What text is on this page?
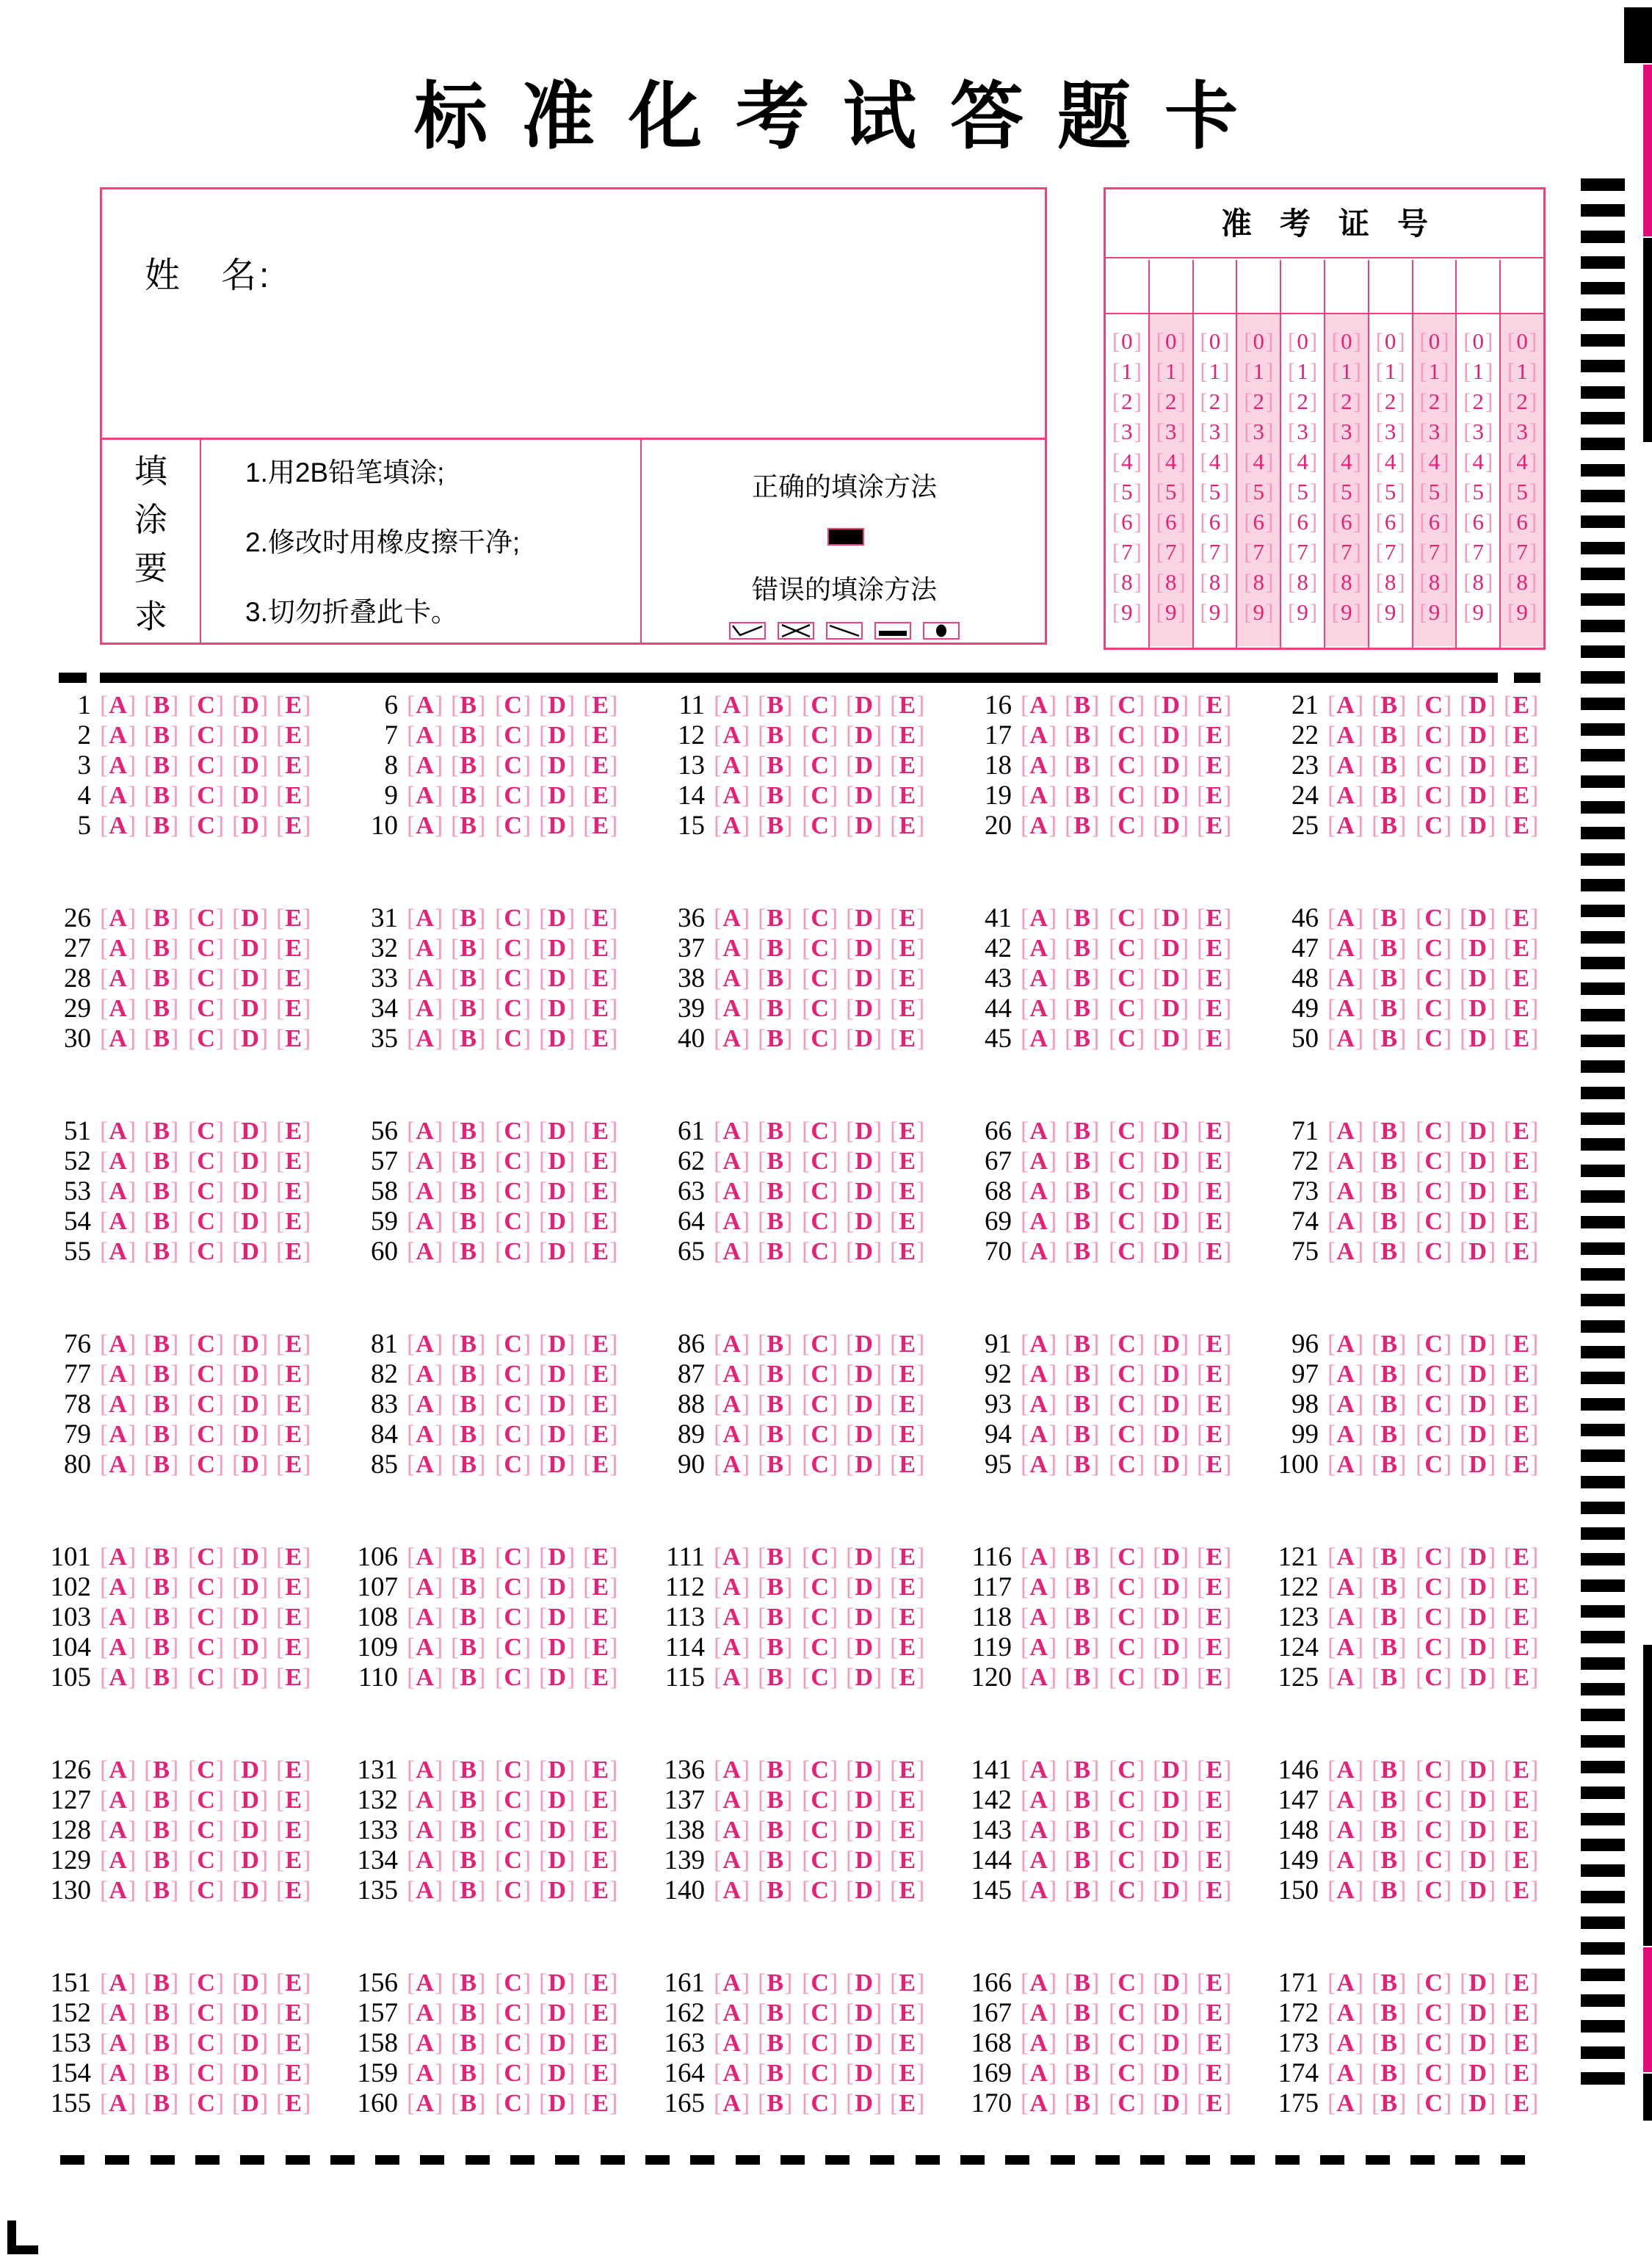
标准化考试答题卡
姓　名:
填涂要求
1.用2B铅笔填涂;
2.修改时用橡皮擦干净;
3.切勿折叠此卡。
正确的填涂方法
错误的填涂方法
准考证号
[0]
[1]
[2]
[3]
[4]
[5]
[6]
[7]
[8]
[9]
[0]
[1]
[2]
[3]
[4]
[5]
[6]
[7]
[8]
[9]
[0]
[1]
[2]
[3]
[4]
[5]
[6]
[7]
[8]
[9]
[0]
[1]
[2]
[3]
[4]
[5]
[6]
[7]
[8]
[9]
[0]
[1]
[2]
[3]
[4]
[5]
[6]
[7]
[8]
[9]
[0]
[1]
[2]
[3]
[4]
[5]
[6]
[7]
[8]
[9]
[0]
[1]
[2]
[3]
[4]
[5]
[6]
[7]
[8]
[9]
[0]
[1]
[2]
[3]
[4]
[5]
[6]
[7]
[8]
[9]
[0]
[1]
[2]
[3]
[4]
[5]
[6]
[7]
[8]
[9]
[0]
[1]
[2]
[3]
[4]
[5]
[6]
[7]
[8]
[9]
1 [A] [B] [C] [D] [E]
2 [A] [B] [C] [D] [E]
3 [A] [B] [C] [D] [E]
4 [A] [B] [C] [D] [E]
5 [A] [B] [C] [D] [E]
6 [A] [B] [C] [D] [E]
7 [A] [B] [C] [D] [E]
8 [A] [B] [C] [D] [E]
9 [A] [B] [C] [D] [E]
10 [A] [B] [C] [D] [E]
11 [A] [B] [C] [D] [E]
12 [A] [B] [C] [D] [E]
13 [A] [B] [C] [D] [E]
14 [A] [B] [C] [D] [E]
15 [A] [B] [C] [D] [E]
16 [A] [B] [C] [D] [E]
17 [A] [B] [C] [D] [E]
18 [A] [B] [C] [D] [E]
19 [A] [B] [C] [D] [E]
20 [A] [B] [C] [D] [E]
21 [A] [B] [C] [D] [E]
22 [A] [B] [C] [D] [E]
23 [A] [B] [C] [D] [E]
24 [A] [B] [C] [D] [E]
25 [A] [B] [C] [D] [E]
26 [A] [B] [C] [D] [E]
27 [A] [B] [C] [D] [E]
28 [A] [B] [C] [D] [E]
29 [A] [B] [C] [D] [E]
30 [A] [B] [C] [D] [E]
31 [A] [B] [C] [D] [E]
32 [A] [B] [C] [D] [E]
33 [A] [B] [C] [D] [E]
34 [A] [B] [C] [D] [E]
35 [A] [B] [C] [D] [E]
36 [A] [B] [C] [D] [E]
37 [A] [B] [C] [D] [E]
38 [A] [B] [C] [D] [E]
39 [A] [B] [C] [D] [E]
40 [A] [B] [C] [D] [E]
41 [A] [B] [C] [D] [E]
42 [A] [B] [C] [D] [E]
43 [A] [B] [C] [D] [E]
44 [A] [B] [C] [D] [E]
45 [A] [B] [C] [D] [E]
46 [A] [B] [C] [D] [E]
47 [A] [B] [C] [D] [E]
48 [A] [B] [C] [D] [E]
49 [A] [B] [C] [D] [E]
50 [A] [B] [C] [D] [E]
51 [A] [B] [C] [D] [E]
52 [A] [B] [C] [D] [E]
53 [A] [B] [C] [D] [E]
54 [A] [B] [C] [D] [E]
55 [A] [B] [C] [D] [E]
56 [A] [B] [C] [D] [E]
57 [A] [B] [C] [D] [E]
58 [A] [B] [C] [D] [E]
59 [A] [B] [C] [D] [E]
60 [A] [B] [C] [D] [E]
61 [A] [B] [C] [D] [E]
62 [A] [B] [C] [D] [E]
63 [A] [B] [C] [D] [E]
64 [A] [B] [C] [D] [E]
65 [A] [B] [C] [D] [E]
66 [A] [B] [C] [D] [E]
67 [A] [B] [C] [D] [E]
68 [A] [B] [C] [D] [E]
69 [A] [B] [C] [D] [E]
70 [A] [B] [C] [D] [E]
71 [A] [B] [C] [D] [E]
72 [A] [B] [C] [D] [E]
73 [A] [B] [C] [D] [E]
74 [A] [B] [C] [D] [E]
75 [A] [B] [C] [D] [E]
76 [A] [B] [C] [D] [E]
77 [A] [B] [C] [D] [E]
78 [A] [B] [C] [D] [E]
79 [A] [B] [C] [D] [E]
80 [A] [B] [C] [D] [E]
81 [A] [B] [C] [D] [E]
82 [A] [B] [C] [D] [E]
83 [A] [B] [C] [D] [E]
84 [A] [B] [C] [D] [E]
85 [A] [B] [C] [D] [E]
86 [A] [B] [C] [D] [E]
87 [A] [B] [C] [D] [E]
88 [A] [B] [C] [D] [E]
89 [A] [B] [C] [D] [E]
90 [A] [B] [C] [D] [E]
91 [A] [B] [C] [D] [E]
92 [A] [B] [C] [D] [E]
93 [A] [B] [C] [D] [E]
94 [A] [B] [C] [D] [E]
95 [A] [B] [C] [D] [E]
96 [A] [B] [C] [D] [E]
97 [A] [B] [C] [D] [E]
98 [A] [B] [C] [D] [E]
99 [A] [B] [C] [D] [E]
100 [A] [B] [C] [D] [E]
101 [A] [B] [C] [D] [E]
102 [A] [B] [C] [D] [E]
103 [A] [B] [C] [D] [E]
104 [A] [B] [C] [D] [E]
105 [A] [B] [C] [D] [E]
106 [A] [B] [C] [D] [E]
107 [A] [B] [C] [D] [E]
108 [A] [B] [C] [D] [E]
109 [A] [B] [C] [D] [E]
110 [A] [B] [C] [D] [E]
111 [A] [B] [C] [D] [E]
112 [A] [B] [C] [D] [E]
113 [A] [B] [C] [D] [E]
114 [A] [B] [C] [D] [E]
115 [A] [B] [C] [D] [E]
116 [A] [B] [C] [D] [E]
117 [A] [B] [C] [D] [E]
118 [A] [B] [C] [D] [E]
119 [A] [B] [C] [D] [E]
120 [A] [B] [C] [D] [E]
121 [A] [B] [C] [D] [E]
122 [A] [B] [C] [D] [E]
123 [A] [B] [C] [D] [E]
124 [A] [B] [C] [D] [E]
125 [A] [B] [C] [D] [E]
126 [A] [B] [C] [D] [E]
127 [A] [B] [C] [D] [E]
128 [A] [B] [C] [D] [E]
129 [A] [B] [C] [D] [E]
130 [A] [B] [C] [D] [E]
131 [A] [B] [C] [D] [E]
132 [A] [B] [C] [D] [E]
133 [A] [B] [C] [D] [E]
134 [A] [B] [C] [D] [E]
135 [A] [B] [C] [D] [E]
136 [A] [B] [C] [D] [E]
137 [A] [B] [C] [D] [E]
138 [A] [B] [C] [D] [E]
139 [A] [B] [C] [D] [E]
140 [A] [B] [C] [D] [E]
141 [A] [B] [C] [D] [E]
142 [A] [B] [C] [D] [E]
143 [A] [B] [C] [D] [E]
144 [A] [B] [C] [D] [E]
145 [A] [B] [C] [D] [E]
146 [A] [B] [C] [D] [E]
147 [A] [B] [C] [D] [E]
148 [A] [B] [C] [D] [E]
149 [A] [B] [C] [D] [E]
150 [A] [B] [C] [D] [E]
151 [A] [B] [C] [D] [E]
152 [A] [B] [C] [D] [E]
153 [A] [B] [C] [D] [E]
154 [A] [B] [C] [D] [E]
155 [A] [B] [C] [D] [E]
156 [A] [B] [C] [D] [E]
157 [A] [B] [C] [D] [E]
158 [A] [B] [C] [D] [E]
159 [A] [B] [C] [D] [E]
160 [A] [B] [C] [D] [E]
161 [A] [B] [C] [D] [E]
162 [A] [B] [C] [D] [E]
163 [A] [B] [C] [D] [E]
164 [A] [B] [C] [D] [E]
165 [A] [B] [C] [D] [E]
166 [A] [B] [C] [D] [E]
167 [A] [B] [C] [D] [E]
168 [A] [B] [C] [D] [E]
169 [A] [B] [C] [D] [E]
170 [A] [B] [C] [D] [E]
171 [A] [B] [C] [D] [E]
172 [A] [B] [C] [D] [E]
173 [A] [B] [C] [D] [E]
174 [A] [B] [C] [D] [E]
175 [A] [B] [C] [D] [E]
